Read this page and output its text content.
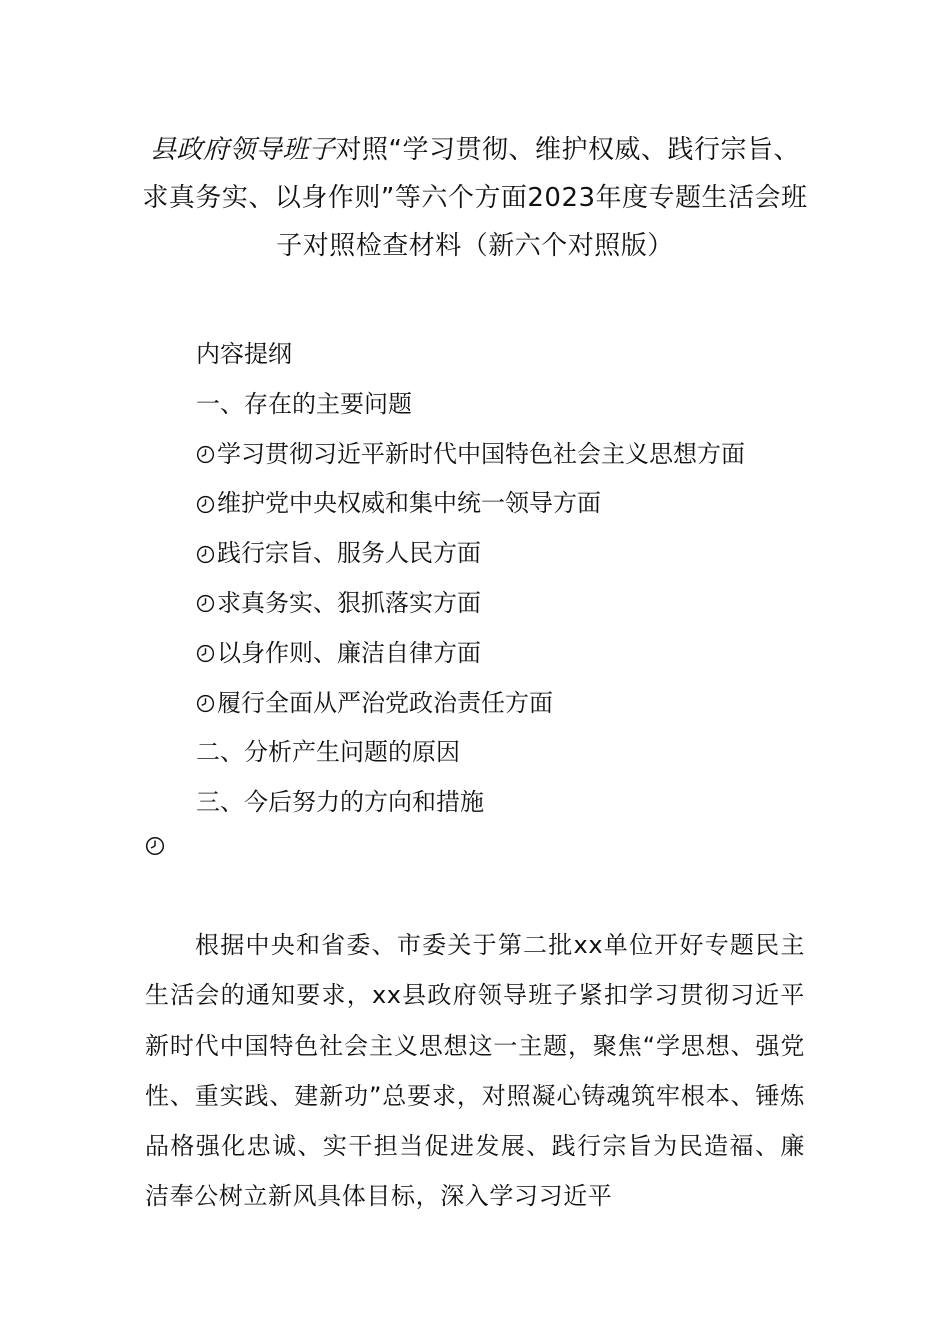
县政府领导班子对照“学习贯彻、维护权威、践行宗旨、
求真务实、以身作则”等六个方面2023年度专题生活会班
子对照检查材料（新六个对照版）
内容提纲
一、存在的主要问题
学习贯彻习近平新时代中国特色社会主义思想方面
维护党中央权威和集中统一领导方面
践行宗旨、服务人民方面
求真务实、狠抓落实方面
以身作则、廉洁自律方面
履行全面从严治党政治责任方面
二、分析产生问题的原因
三、今后努力的方向和措施

根据中央和省委、市委关于第二批xx单位开好专题民主生活会的通知要求，xx县政府领导班子紧扣学习贯彻习近平新时代中国特色社会主义思想这一主题，聚焦“学思想、强党性、重实践、建新功”总要求，对照凝心铸魂筑牢根本、锤炼品格强化忠诚、实干担当促进发展、践行宗旨为民造福、廉洁奉公树立新风具体目标，深入学习习近平
